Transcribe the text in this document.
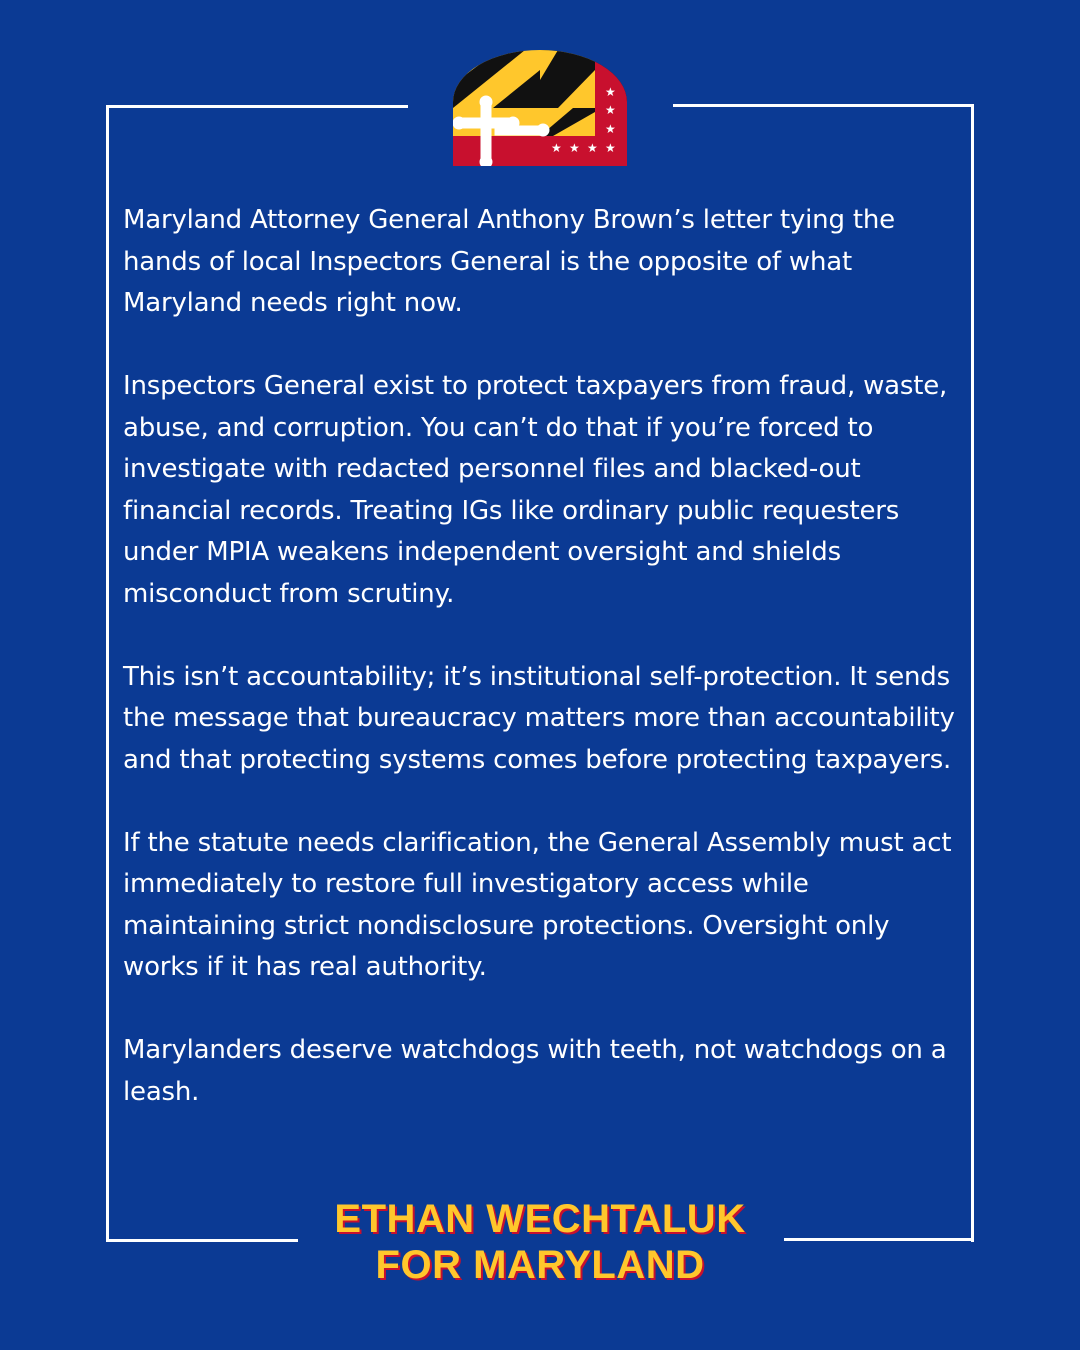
★
★
★
★
★
★
★

Maryland Attorney General Anthony Brown’s letter tying the hands of local Inspectors General is the opposite of what Maryland needs right now.

Inspectors General exist to protect taxpayers from fraud, waste, abuse, and corruption. You can’t do that if you’re forced to investigate with redacted personnel files and blacked-out financial records. Treating IGs like ordinary public requesters under MPIA weakens independent oversight and shields misconduct from scrutiny.

This isn’t accountability; it’s institutional self-protection. It sends the message that bureaucracy matters more than accountability and that protecting systems comes before protecting taxpayers.

If the statute needs clarification, the General Assembly must act immediately to restore full investigatory access while maintaining strict nondisclosure protections. Oversight only works if it has real authority.

Marylanders deserve watchdogs with teeth, not watchdogs on a leash.

ETHAN WECHTALUK
FOR MARYLAND
